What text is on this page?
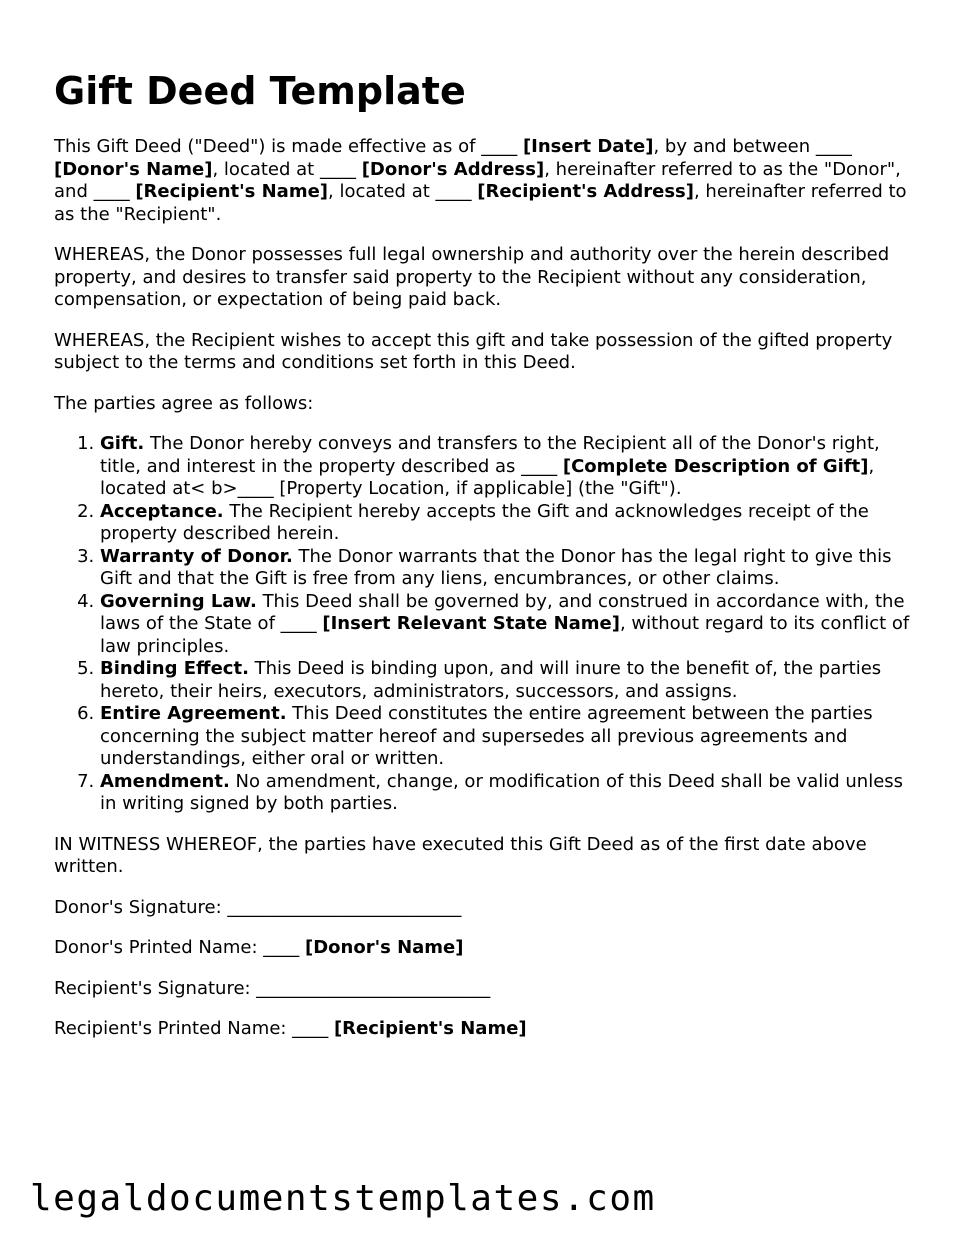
Gift Deed Template

This Gift Deed ("Deed") is made effective as of ____ [Insert Date], by and between ____ [Donor's Name], located at ____ [Donor's Address], hereinafter referred to as the "Donor", and ____ [Recipient's Name], located at ____ [Recipient's Address], hereinafter referred to as the "Recipient".

WHEREAS, the Donor possesses full legal ownership and authority over the herein described property, and desires to transfer said property to the Recipient without any consideration, compensation, or expectation of being paid back.

WHEREAS, the Recipient wishes to accept this gift and take possession of the gifted property subject to the terms and conditions set forth in this Deed.

The parties agree as follows:

1. Gift. The Donor hereby conveys and transfers to the Recipient all of the Donor's right, title, and interest in the property described as ____ [Complete Description of Gift], located at< b>____ [Property Location, if applicable] (the "Gift").
2. Acceptance. The Recipient hereby accepts the Gift and acknowledges receipt of the property described herein.
3. Warranty of Donor. The Donor warrants that the Donor has the legal right to give this Gift and that the Gift is free from any liens, encumbrances, or other claims.
4. Governing Law. This Deed shall be governed by, and construed in accordance with, the laws of the State of ____ [Insert Relevant State Name], without regard to its conflict of law principles.
5. Binding Effect. This Deed is binding upon, and will inure to the benefit of, the parties hereto, their heirs, executors, administrators, successors, and assigns.
6. Entire Agreement. This Deed constitutes the entire agreement between the parties concerning the subject matter hereof and supersedes all previous agreements and understandings, either oral or written.
7. Amendment. No amendment, change, or modification of this Deed shall be valid unless in writing signed by both parties.

IN WITNESS WHEREOF, the parties have executed this Gift Deed as of the first date above written.

Donor's Signature: __________________________

Donor's Printed Name: ____ [Donor's Name]

Recipient's Signature: __________________________

Recipient's Printed Name: ____ [Recipient's Name]

legaldocumentstemplates.com
